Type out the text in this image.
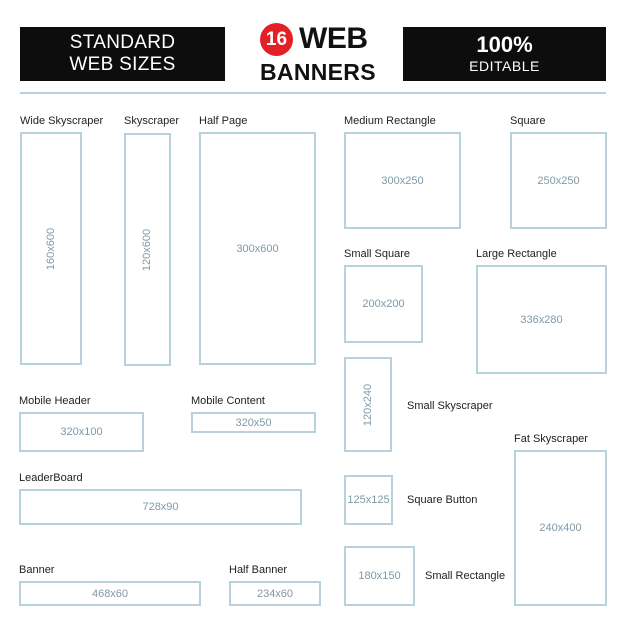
STANDARD
WEB SIZES
16 WEB
BANNERS
100%
EDITABLE
Wide Skyscraper
160x600
Skyscraper
120x600
Half Page
300x600
Medium Rectangle
300x250
Square
250x250
Small Square
200x200
Large Rectangle
336x280
Mobile Header
320x100
Mobile Content
320x50	120x240	Small Skyscraper
Fat Skyscraper
240x400
LeaderBoard
728x90
125x125 Square Button
Banner
468x60
Half Banner
234x60
180x150 Small Rectangle
